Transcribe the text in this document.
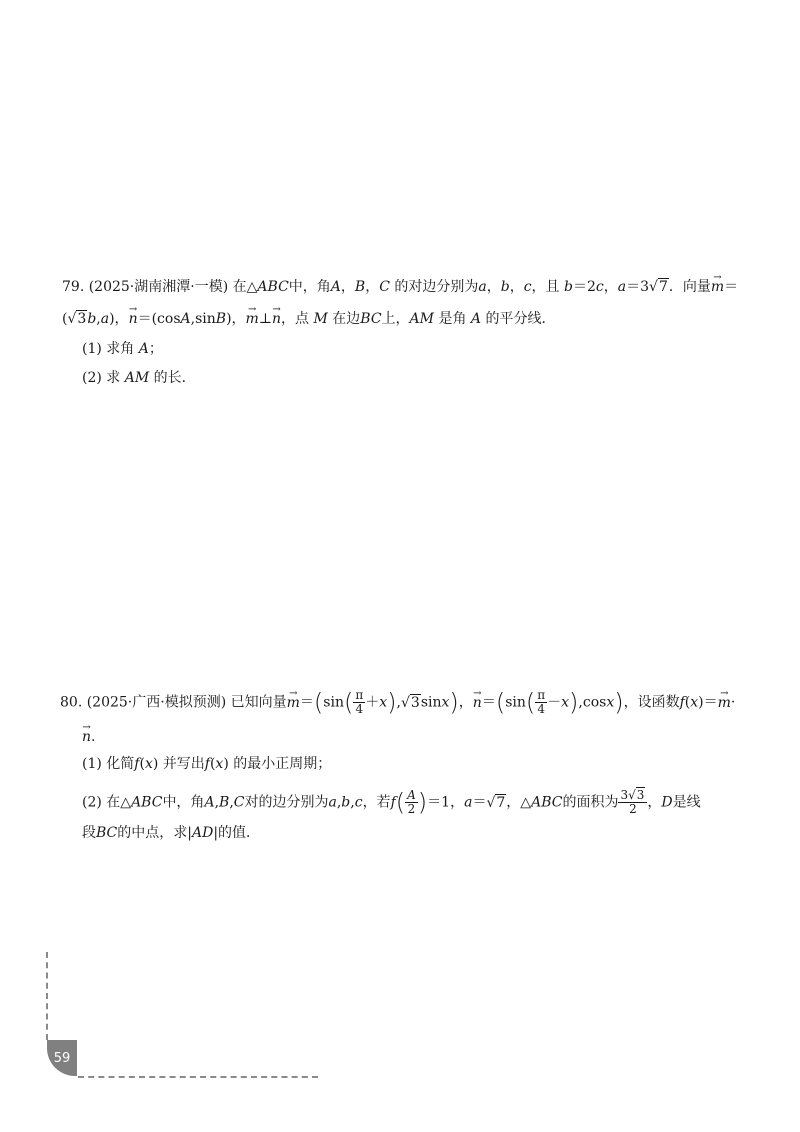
79. (2025·湖南湘潭·一模) 在△ABC中，角A，B，C 的对边分别为a，b，c，且 b＝2c，a＝3√7．向量→ m＝
(√3b,a)，→ n＝(cosA,sinB)，→ m⊥→ n，点 M 在边BC上，AM 是角 A 的平分线．
(1) 求角 A；
(2) 求 AM 的长．
80. (2025·广西·模拟预测) 已知向量→ $m=(\sin( \frac{\pi}{4} +x),√3\sin x)$，→ $n=(\sin( \frac{\pi}{4} -x),\cos x)$，设函数f(x)＝→ m·
→ n.
(1) 化简f(x) 并写出f(x) 的最小正周期；
(2) 在△ABC中，角A,B,C对的边分别为a,b,c，若$f( \frac{A}{2} )=1$，a＝√7，△ABC的面积为 $\frac{3√3}{2}$ ，D是线
段BC的中点，求|AD|的值．
59
